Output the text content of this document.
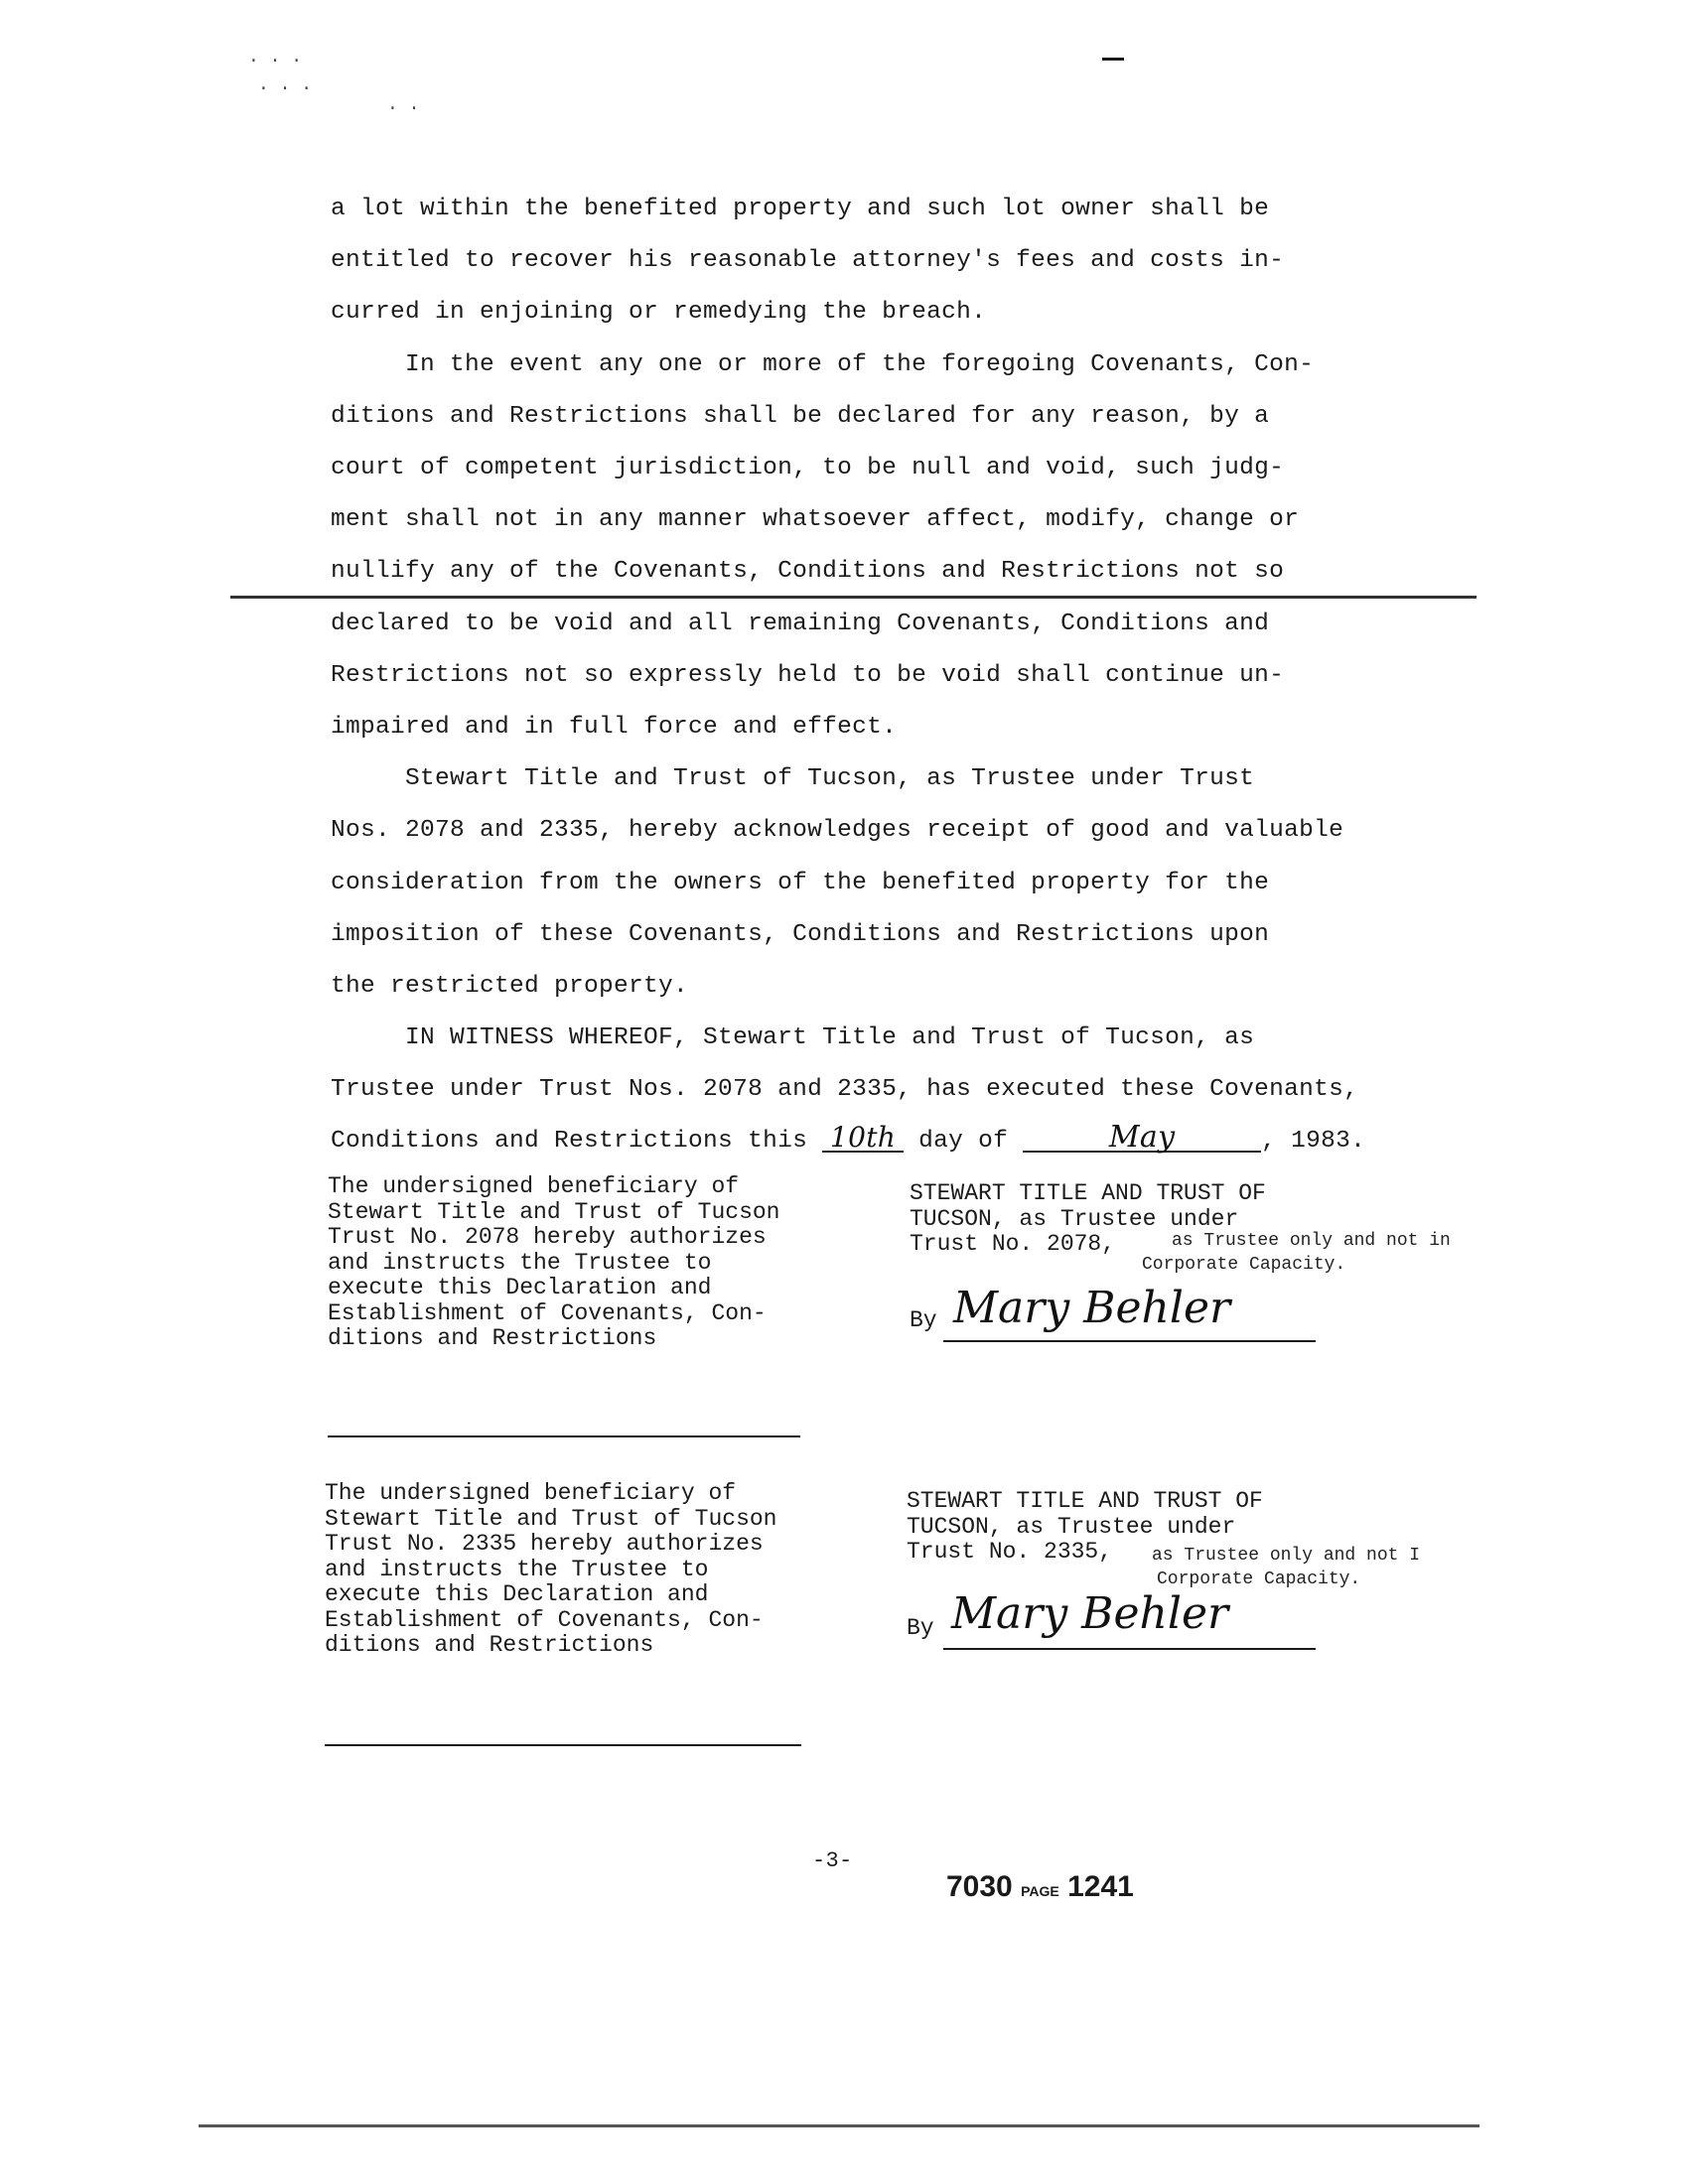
· · ·
· · ·
· ·
a lot within the benefited property and such lot owner shall be
entitled to recover his reasonable attorney's fees and costs in-
curred in enjoining or remedying the breach.
In the event any one or more of the foregoing Covenants, Con-
ditions and Restrictions shall be declared for any reason, by a
court of competent jurisdiction, to be null and void, such judg-
ment shall not in any manner whatsoever affect, modify, change or
nullify any of the Covenants, Conditions and Restrictions not so
declared to be void and all remaining Covenants, Conditions and
Restrictions not so expressly held to be void shall continue un-
impaired and in full force and effect.
Stewart Title and Trust of Tucson, as Trustee under Trust
Nos. 2078 and 2335, hereby acknowledges receipt of good and valuable
consideration from the owners of the benefited property for the
imposition of these Covenants, Conditions and Restrictions upon
the restricted property.
IN WITNESS WHEREOF, Stewart Title and Trust of Tucson, as
Trustee under Trust Nos. 2078 and 2335, has executed these Covenants,
Conditions and Restrictions this 10th day of	May	, 1983.
The undersigned beneficiary of
Stewart Title and Trust of Tucson
Trust No. 2078 hereby authorizes
and instructs the Trustee to
execute this Declaration and
Establishment of Covenants, Con-
ditions and Restrictions
STEWART TITLE AND TRUST OF
TUCSON, as Trustee under
Trust No. 2078,	as Trustee only and not in
Corporate Capacity.
By Mary Behler
The undersigned beneficiary of
Stewart Title and Trust of Tucson
Trust No. 2335 hereby authorizes
and instructs the Trustee to
execute this Declaration and
Establishment of Covenants, Con-
ditions and Restrictions
STEWART TITLE AND TRUST OF
TUCSON, as Trustee under
Trust No. 2335,	as Trustee only and not I
Corporate Capacity.
By Mary Behler
-3-
7030 PAGE 1241
